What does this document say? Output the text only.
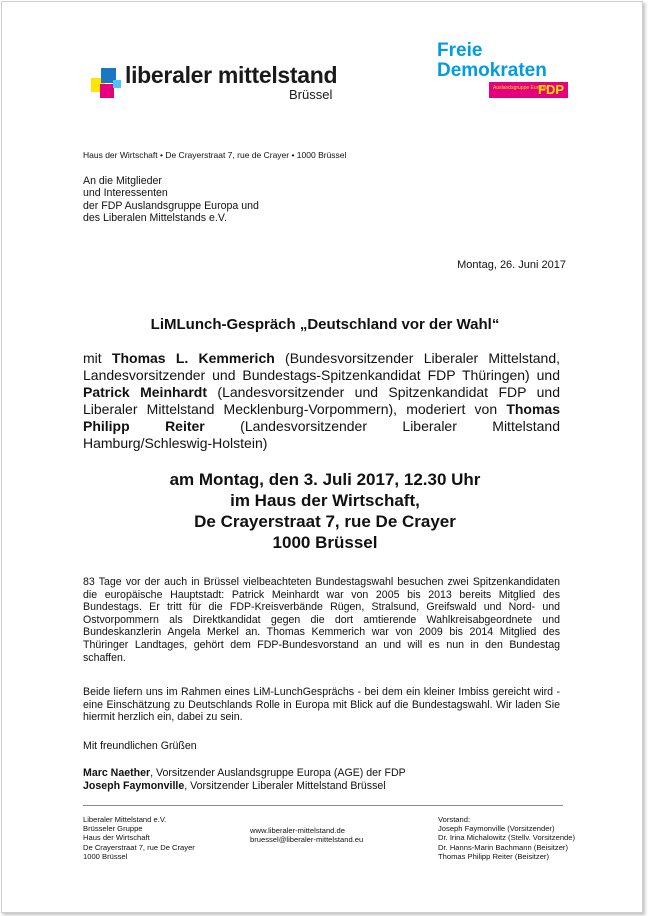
liberaler mittelstand
Brüssel
Freie
Demokraten
Auslandsgruppe Europa
FDP
Haus der Wirtschaft • De Crayerstraat 7, rue de Crayer • 1000 Brüssel
An die Mitglieder
und Interessenten
der FDP Auslandsgruppe Europa und
des Liberalen Mittelstands e.V.
Montag, 26. Juni 2017
LiMLunch-Gespräch „Deutschland vor der Wahl“
mit Thomas L. Kemmerich (Bundesvorsitzender Liberaler Mittelstand, Landesvorsitzender und Bundestags-Spitzenkandidat FDP Thüringen) und Patrick Meinhardt (Landesvorsitzender und Spitzenkandidat FDP und Liberaler Mittelstand Mecklenburg-Vorpommern), moderiert von Thomas Philipp Reiter (Landesvorsitzender Liberaler Mittelstand Hamburg/Schleswig-Holstein)
am Montag, den 3. Juli 2017, 12.30 Uhr
im Haus der Wirtschaft,
De Crayerstraat 7, rue De Crayer
1000 Brüssel
83 Tage vor der auch in Brüssel vielbeachteten Bundestagswahl besuchen zwei Spitzenkandidaten die europäische Hauptstadt: Patrick Meinhardt war von 2005 bis 2013 bereits Mitglied des Bundestags. Er tritt für die FDP-Kreisverbände Rügen, Stralsund, Greifswald und Nord- und Ostvorpommern als Direktkandidat gegen die dort amtierende Wahlkreisabgeordnete und Bundeskanzlerin Angela Merkel an. Thomas Kemmerich war von 2009 bis 2014 Mitglied des Thüringer Landtages, gehört dem FDP-Bundesvorstand an und will es nun in den Bundestag schaffen.
Beide liefern uns im Rahmen eines LiM-LunchGesprächs - bei dem ein kleiner Imbiss gereicht wird - eine Einschätzung zu Deutschlands Rolle in Europa mit Blick auf die Bundestagswahl. Wir laden Sie hiermit herzlich ein, dabei zu sein.
Mit freundlichen Grüßen
Marc Naether, Vorsitzender Auslandsgruppe Europa (AGE) der FDP
Joseph Faymonville, Vorsitzender Liberaler Mittelstand Brüssel
Liberaler Mittelstand e.V.
Brüsseler Gruppe
Haus der Wirtschaft
De Crayerstraat 7, rue De Crayer
1000 Brüssel
www.liberaler-mittelstand.de
bruessel@liberaler-mittelstand.eu
Vorstand:
Joseph Faymonville (Vorsitzender)
Dr. Irina Michalowitz (Stellv. Vorsitzende)
Dr. Hanns-Marin Bachmann (Beisitzer)
Thomas Philipp Reiter (Beisitzer)
